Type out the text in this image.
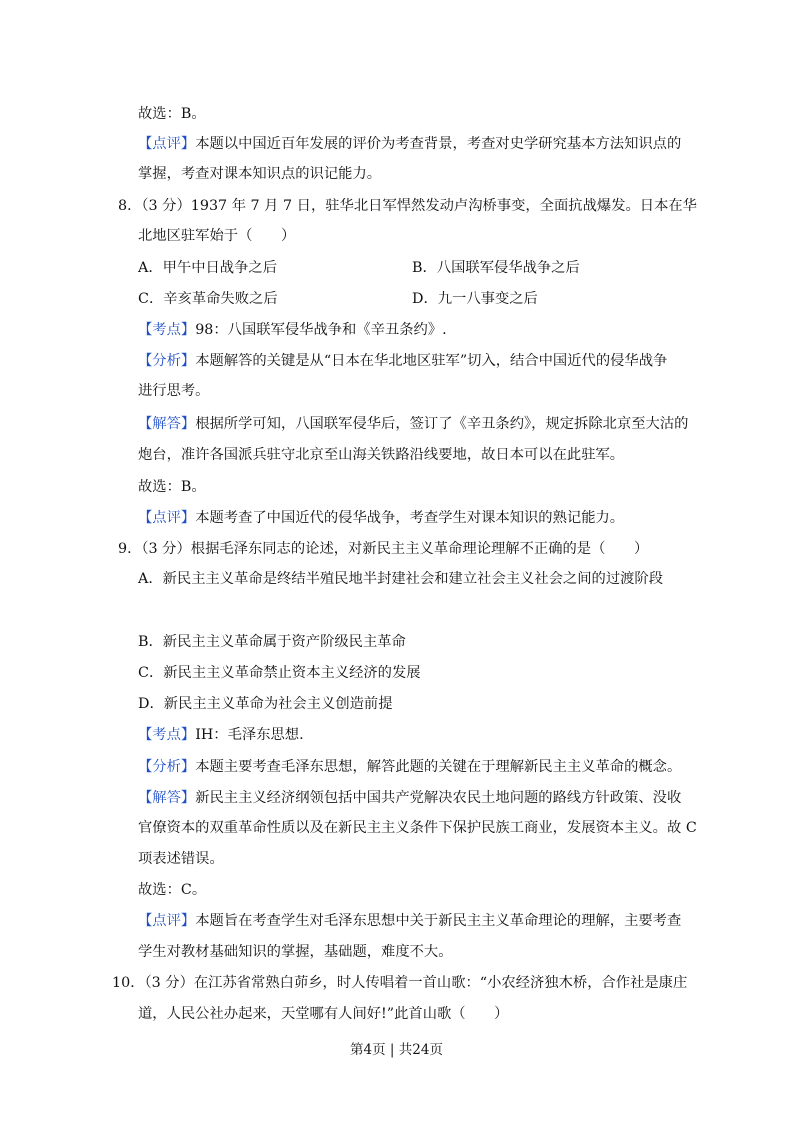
故选：B。
【点评】本题以中国近百年发展的评价为考查背景，考查对史学研究基本方法知识点的
掌握，考查对课本知识点的识记能力。
8．（3 分）1937 年 7 月 7 日，驻华北日军悍然发动卢沟桥事变，全面抗战爆发。日本在华
北地区驻军始于（　　）
A．甲午中日战争之后	B．八国联军侵华战争之后
C．辛亥革命失败之后	D．九一八事变之后
【考点】98：八国联军侵华战争和《辛丑条约》.
【分析】本题解答的关键是从“日本在华北地区驻军”切入，结合中国近代的侵华战争
进行思考。
【解答】根据所学可知，八国联军侵华后，签订了《辛丑条约》，规定拆除北京至大沽的
炮台，准许各国派兵驻守北京至山海关铁路沿线要地，故日本可以在此驻军。
故选：B。
【点评】本题考查了中国近代的侵华战争，考查学生对课本知识的熟记能力。
9．（3 分）根据毛泽东同志的论述，对新民主主义革命理论理解不正确的是（　　）
A．新民主主义革命是终结半殖民地半封建社会和建立社会主义社会之间的过渡阶段
B．新民主主义革命属于资产阶级民主革命
C．新民主主义革命禁止资本主义经济的发展
D．新民主主义革命为社会主义创造前提
【考点】IH：毛泽东思想.
【分析】本题主要考查毛泽东思想，解答此题的关键在于理解新民主主义革命的概念。
【解答】新民主主义经济纲领包括中国共产党解决农民土地问题的路线方针政策、没收
官僚资本的双重革命性质以及在新民主主义条件下保护民族工商业，发展资本主义。故 C
项表述错误。
故选：C。
【点评】本题旨在考查学生对毛泽东思想中关于新民主主义革命理论的理解，主要考查
学生对教材基础知识的掌握，基础题，难度不大。
10．（3 分）在江苏省常熟白茆乡，时人传唱着一首山歌：“小农经济独木桥，合作社是康庄
道，人民公社办起来，天堂哪有人间好!”此首山歌（　　）
第4页 | 共24页
